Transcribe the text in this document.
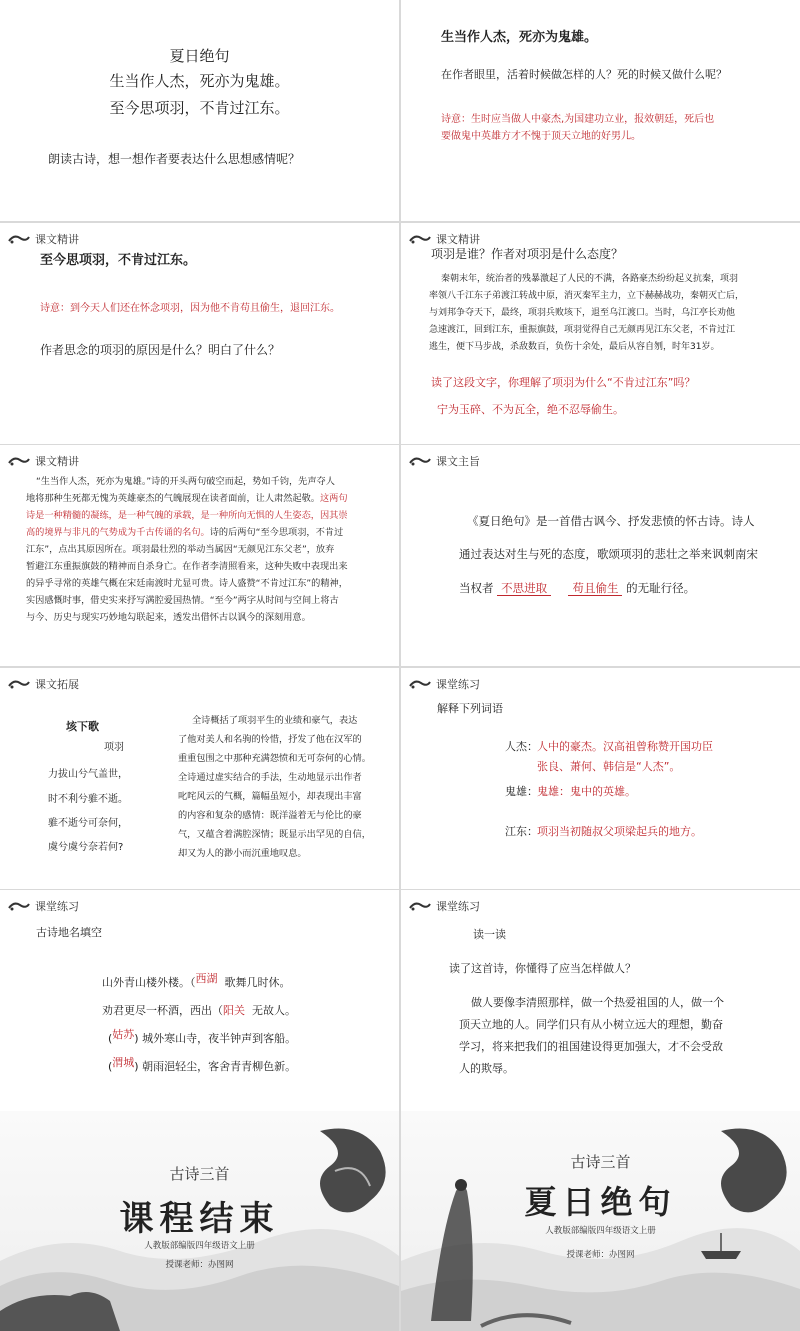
夏日绝句
生当作人杰，死亦为鬼雄。
至今思项羽，不肯过江东。
朗读古诗，想一想作者要表达什么思想感情呢？
生当作人杰，死亦为鬼雄。
在作者眼里，活着时候做怎样的人？死的时候又做什么呢？
诗意：生时应当做人中豪杰,为国建功立业，报效朝廷，死后也
要做鬼中英雄方才不愧于顶天立地的好男儿。
课文精讲
至今思项羽，不肯过江东。
诗意：到今天人们还在怀念项羽，因为他不肯苟且偷生，退回江东。
作者思念的项羽的原因是什么？明白了什么？
课文精讲
项羽是谁？作者对项羽是什么态度？
秦朝末年，统治者的残暴激起了人民的不满，各路豪杰纷纷起义抗秦，项羽
率领八千江东子弟渡江转战中原，消灭秦军主力，立下赫赫战功，秦朝灭亡后，
与刘邦争夺天下，最终，项羽兵败垓下，退至乌江渡口。当时，乌江亭长劝他
急速渡江，回到江东，重振旗鼓，项羽觉得自己无颜再见江东父老，不肯过江
逃生，便下马步战，杀敌数百，负伤十余处，最后从容自刎，时年31岁。
读了这段文字，你理解了项羽为什么“不肯过江东”吗？
宁为玉碎、不为瓦全，绝不忍辱偷生。
课文精讲
“生当作人杰，死亦为鬼雄。”诗的开头两句破空而起，势如千钧，先声夺人
地将那种生死都无愧为英雄豪杰的气魄展现在读者面前，让人肃然起敬。这两句
诗是一种精髓的凝练，是一种气魄的承载，是一种所向无惧的人生姿态，因其崇
高的境界与非凡的气势成为千古传诵的名句。诗的后两句“至今思项羽，不肯过
江东”，点出其原因所在。项羽最壮烈的举动当属因“无颜见江东父老”，放弃
暂避江东重振旗鼓的精神而自杀身亡。在作者李清照看来，这种失败中表现出来
的异乎寻常的英雄气概在宋廷南渡时尤显可贵。诗人盛赞“不肯过江东”的精神，
实因感慨时事，借史实来抒写满腔爱国热情。“至今”两字从时间与空间上将古
与今、历史与现实巧妙地勾联起来，透发出借怀古以讽今的深刻用意。
课文主旨
《夏日绝句》是一首借古讽今、抒发悲愤的怀古诗。诗人
通过表达对生与死的态度，歌颂项羽的悲壮之举来讽刺南宋
当权者 不思进取 苟且偷生 的无耻行径。
课文拓展
垓下歌
项羽
力拔山兮气盖世，
时不利兮骓不逝。
骓不逝兮可奈何，
虞兮虞兮奈若何?
全诗概括了项羽平生的业绩和豪气，表达
了他对美人和名驹的怜惜，抒发了他在汉军的
重重包围之中那种充满怨愤和无可奈何的心情。
全诗通过虚实结合的手法，生动地显示出作者
叱咤风云的气概，篇幅虽短小，却表现出丰富
的内容和复杂的感情：既洋溢着无与伦比的豪
气，又蕴含着满腔深情；既显示出罕见的自信，
却又为人的渺小而沉重地叹息。
课堂练习
解释下列词语
人杰： 人中的豪杰。汉高祖曾称赞开国功臣
张良、萧何、韩信是“人杰”。
鬼雄： 鬼雄：鬼中的英雄。
江东： 项羽当初随叔父项梁起兵的地方。
课堂练习
古诗地名填空
山外青山楼外楼。（西湖 歌舞几时休。
劝君更尽一杯酒，西出（阳关 无故人。
(姑苏) 城外寒山寺，夜半钟声到客船。
(渭城) 朝雨浥轻尘，客舍青青柳色新。
课堂练习
读一读
读了这首诗，你懂得了应当怎样做人？
做人要像李清照那样，做一个热爱祖国的人，做一个
顶天立地的人。同学们只有从小树立远大的理想，勤奋
学习，将来把我们的祖国建设得更加强大，才不会受敌
人的欺辱。
古诗三首
课程结束
人教版部编版四年级语文上册
授课老师：办图网
古诗三首
夏日绝句
人教版部编版四年级语文上册
授课老师：办图网
